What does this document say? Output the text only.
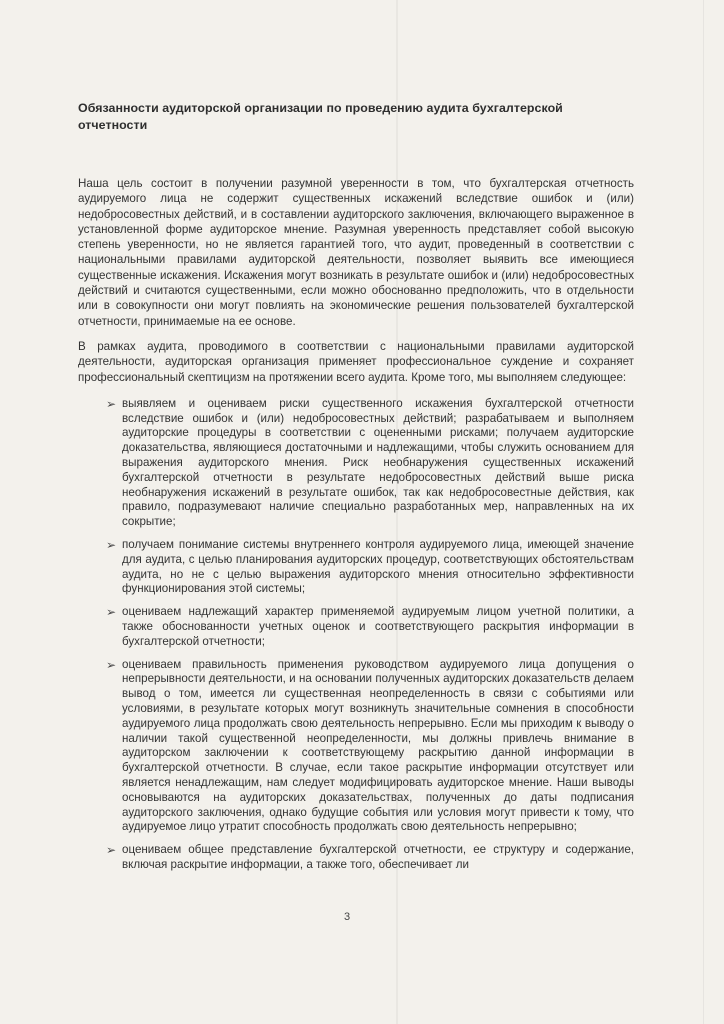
Обязанности аудиторской организации по проведению аудита бухгалтерской отчетности

Наша цель состоит в получении разумной уверенности в том, что бухгалтерская отчетность аудируемого лица не содержит существенных искажений вследствие ошибок и (или) недобросовестных действий, и в составлении аудиторского заключения, включающего выраженное в установленной форме аудиторское мнение. Разумная уверенность представляет собой высокую степень уверенности, но не является гарантией того, что аудит, проведенный в соответствии с национальными правилами аудиторской деятельности, позволяет выявить все имеющиеся существенные искажения. Искажения могут возникать в результате ошибок и (или) недобросовестных действий и считаются существенными, если можно обоснованно предположить, что в отдельности или в совокупности они могут повлиять на экономические решения пользователей бухгалтерской отчетности, принимаемые на ее основе.

В рамках аудита, проводимого в соответствии с национальными правилами аудиторской деятельности, аудиторская организация применяет профессиональное суждение и сохраняет профессиональный скептицизм на протяжении всего аудита. Кроме того, мы выполняем следующее:

➢ выявляем и оцениваем риски существенного искажения бухгалтерской отчетности вследствие ошибок и (или) недобросовестных действий; разрабатываем и выполняем аудиторские процедуры в соответствии с оцененными рисками; получаем аудиторские доказательства, являющиеся достаточными и надлежащими, чтобы служить основанием для выражения аудиторского мнения. Риск необнаружения существенных искажений бухгалтерской отчетности в результате недобросовестных действий выше риска необнаружения искажений в результате ошибок, так как недобросовестные действия, как правило, подразумевают наличие специально разработанных мер, направленных на их сокрытие;
➢ получаем понимание системы внутреннего контроля аудируемого лица, имеющей значение для аудита, с целью планирования аудиторских процедур, соответствующих обстоятельствам аудита, но не с целью выражения аудиторского мнения относительно эффективности функционирования этой системы;
➢ оцениваем надлежащий характер применяемой аудируемым лицом учетной политики, а также обоснованности учетных оценок и соответствующего раскрытия информации в бухгалтерской отчетности;
➢ оцениваем правильность применения руководством аудируемого лица допущения о непрерывности деятельности, и на основании полученных аудиторских доказательств делаем вывод о том, имеется ли существенная неопределенность в связи с событиями или условиями, в результате которых могут возникнуть значительные сомнения в способности аудируемого лица продолжать свою деятельность непрерывно. Если мы приходим к выводу о наличии такой существенной неопределенности, мы должны привлечь внимание в аудиторском заключении к соответствующему раскрытию данной информации в бухгалтерской отчетности. В случае, если такое раскрытие информации отсутствует или является ненадлежащим, нам следует модифицировать аудиторское мнение. Наши выводы основываются на аудиторских доказательствах, полученных до даты подписания аудиторского заключения, однако будущие события или условия могут привести к тому, что аудируемое лицо утратит способность продолжать свою деятельность непрерывно;
➢ оцениваем общее представление бухгалтерской отчетности, ее структуру и содержание, включая раскрытие информации, а также того, обеспечивает ли
3
